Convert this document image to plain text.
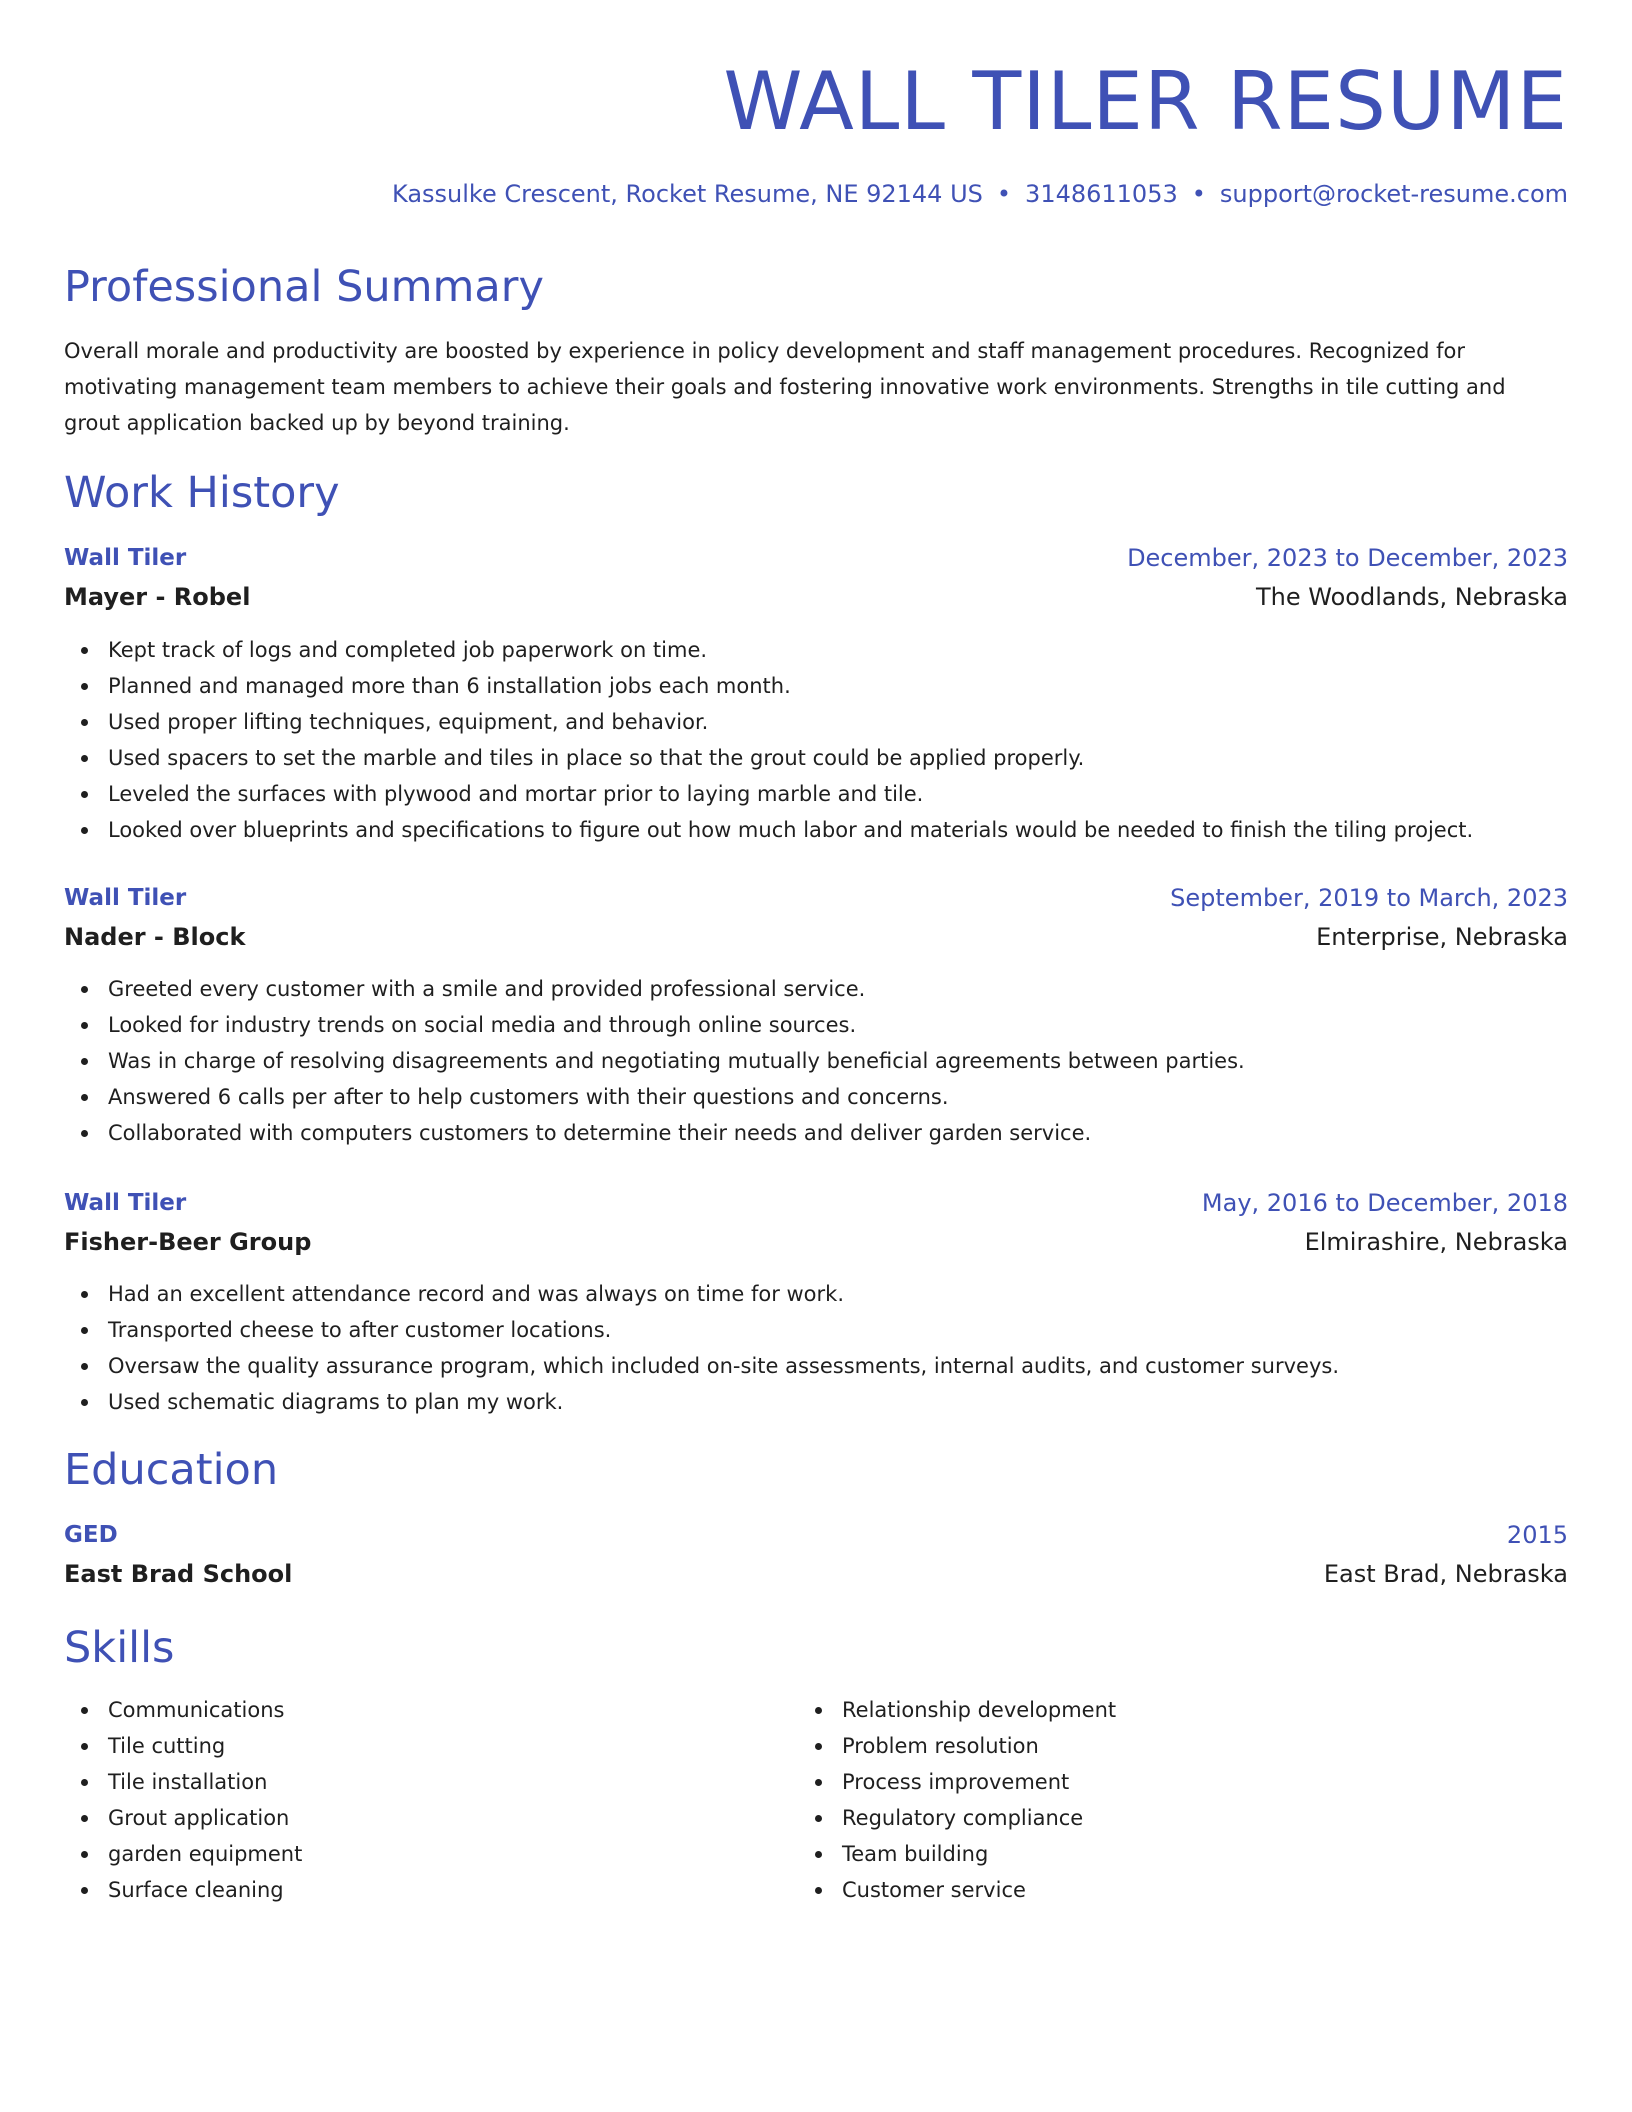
WALL TILER RESUME
Kassulke Crescent, Rocket Resume, NE 92144 US • 3148611053 • support@rocket-resume.com
Professional Summary

Overall morale and productivity are boosted by experience in policy development and staff management procedures. Recognized for motivating management team members to achieve their goals and fostering innovative work environments. Strengths in tile cutting and grout application backed up by beyond training.

Work History
Wall Tiler	December, 2023 to December, 2023
Mayer - Robel	The Woodlands, Nebraska
Kept track of logs and completed job paperwork on time.
Planned and managed more than 6 installation jobs each month.
Used proper lifting techniques, equipment, and behavior.
Used spacers to set the marble and tiles in place so that the grout could be applied properly.
Leveled the surfaces with plywood and mortar prior to laying marble and tile.
Looked over blueprints and specifications to figure out how much labor and materials would be needed to finish the tiling project.
Wall Tiler	September, 2019 to March, 2023
Nader - Block	Enterprise, Nebraska
Greeted every customer with a smile and provided professional service.
Looked for industry trends on social media and through online sources.
Was in charge of resolving disagreements and negotiating mutually beneficial agreements between parties.
Answered 6 calls per after to help customers with their questions and concerns.
Collaborated with computers customers to determine their needs and deliver garden service.
Wall Tiler	May, 2016 to December, 2018
Fisher-Beer Group	Elmirashire, Nebraska
Had an excellent attendance record and was always on time for work.
Transported cheese to after customer locations.
Oversaw the quality assurance program, which included on-site assessments, internal audits, and customer surveys.
Used schematic diagrams to plan my work.
Education
GED	2015
East Brad School	East Brad, Nebraska
Skills
Communications
Tile cutting
Tile installation
Grout application
garden equipment
Surface cleaning
Relationship development
Problem resolution
Process improvement
Regulatory compliance
Team building
Customer service
